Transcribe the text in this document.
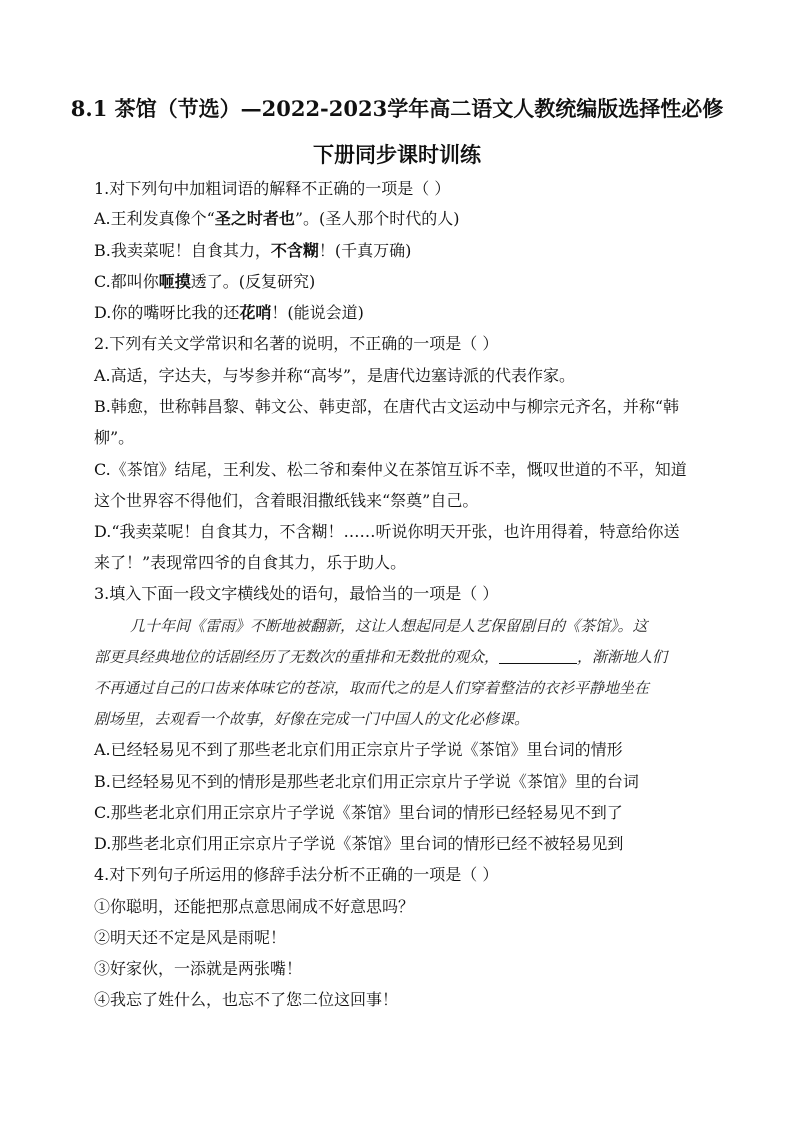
8.1 茶馆（节选）—2022-2023学年高二语文人教统编版选择性必修
下册同步课时训练
1.对下列句中加粗词语的解释不正确的一项是（ ）
A.王利发真像个“圣之时者也”。(圣人那个时代的人)
B.我卖菜呢！自食其力，不含糊！(千真万确)
C.都叫你咂摸透了。(反复研究)
D.你的嘴呀比我的还花哨！(能说会道)
2.下列有关文学常识和名著的说明，不正确的一项是（ ）
A.高适，字达夫，与岑参并称“高岑”，是唐代边塞诗派的代表作家。
B.韩愈，世称韩昌黎、韩文公、韩吏部，在唐代古文运动中与柳宗元齐名，并称“韩
柳”。
C.《茶馆》结尾，王利发、松二爷和秦仲义在茶馆互诉不幸，慨叹世道的不平，知道
这个世界容不得他们，含着眼泪撒纸钱来“祭奠”自己。
D.“我卖菜呢！自食其力，不含糊！……听说你明天开张，也许用得着，特意给你送
来了！”表现常四爷的自食其力，乐于助人。
3.填入下面一段文字横线处的语句，最恰当的一项是（ ）
几十年间《雷雨》不断地被翻新，这让人想起同是人艺保留剧目的《茶馆》。这
部更具经典地位的话剧经历了无数次的重排和无数批的观众，	，渐渐地人们
不再通过自己的口齿来体味它的苍凉，取而代之的是人们穿着整洁的衣衫平静地坐在
剧场里，去观看一个故事，好像在完成一门中国人的文化必修课。
A.已经轻易见不到了那些老北京们用正宗京片子学说《茶馆》里台词的情形
B.已经轻易见不到的情形是那些老北京们用正宗京片子学说《茶馆》里的台词
C.那些老北京们用正宗京片子学说《茶馆》里台词的情形已经轻易见不到了
D.那些老北京们用正宗京片子学说《茶馆》里台词的情形已经不被轻易见到
4.对下列句子所运用的修辞手法分析不正确的一项是（ ）
①你聪明，还能把那点意思闹成不好意思吗？
②明天还不定是风是雨呢！
③好家伙，一添就是两张嘴！
④我忘了姓什么，也忘不了您二位这回事！
